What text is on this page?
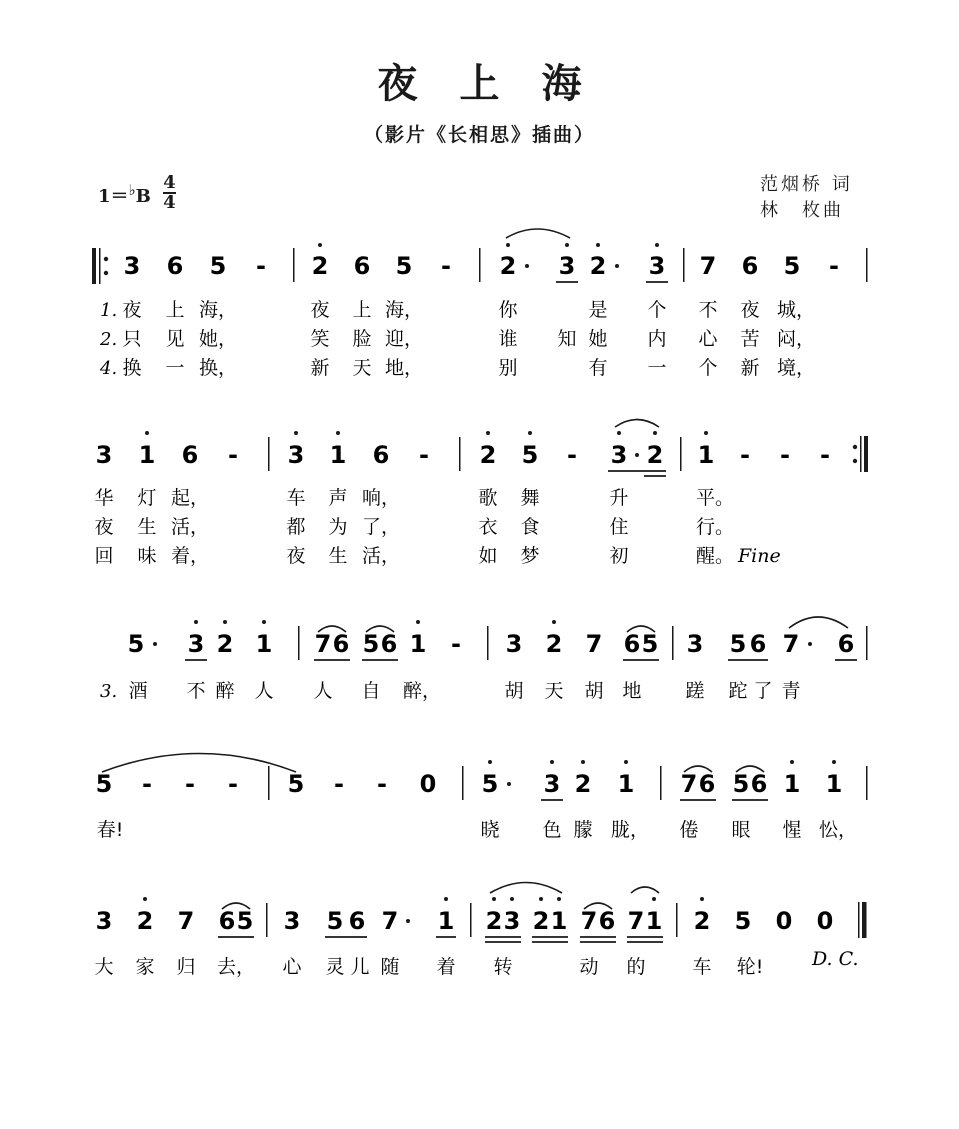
夜上海
（影片《长相思》插曲）
$1=^♭B \frac{4}{4}$	范烟桥 词
林　枚曲
3 6 5 - 2 6 5 - 2 3 2 3 7 6 5 -
1. 夜 上 海，	夜 上 海，	你	是 个 不 夜 城，
2. 只 见 她，	笑 脸 迎，	谁 知 她 内 心 苦 闷，
4. 换 一 换，	新 天 地，	别	有 一 个 新 境，
3 1 6 - 3 1 6 - 2 5 - 3 2 1 - - -
华 灯 起，	车 声 响，	歌 舞	升	平。
夜 生 活，	都 为 了，	衣 食	住	行。
回 味 着，	夜 生 活，	如 梦	初	醒。 Fine
5 3 2 1 7 6 5 6 1 - 3 2 7 6 5 3 5 6 7 6
3. 酒 不 醉 人 人 自 醉，	胡 天 胡 地 蹉 跎 了 青
5 - - - 5 - - 0 5 3 2 1 7 6 5 6 1 1
春!	晓 色 朦 胧， 倦 眼 惺 忪，
3 2 7 6 5 3 5 6 7 1 2 3 2 1 7 6 7 1 2 5 0 0
大 家 归 去， 心 灵 儿 随 着 转	动 的 车 轮!	D. C.
